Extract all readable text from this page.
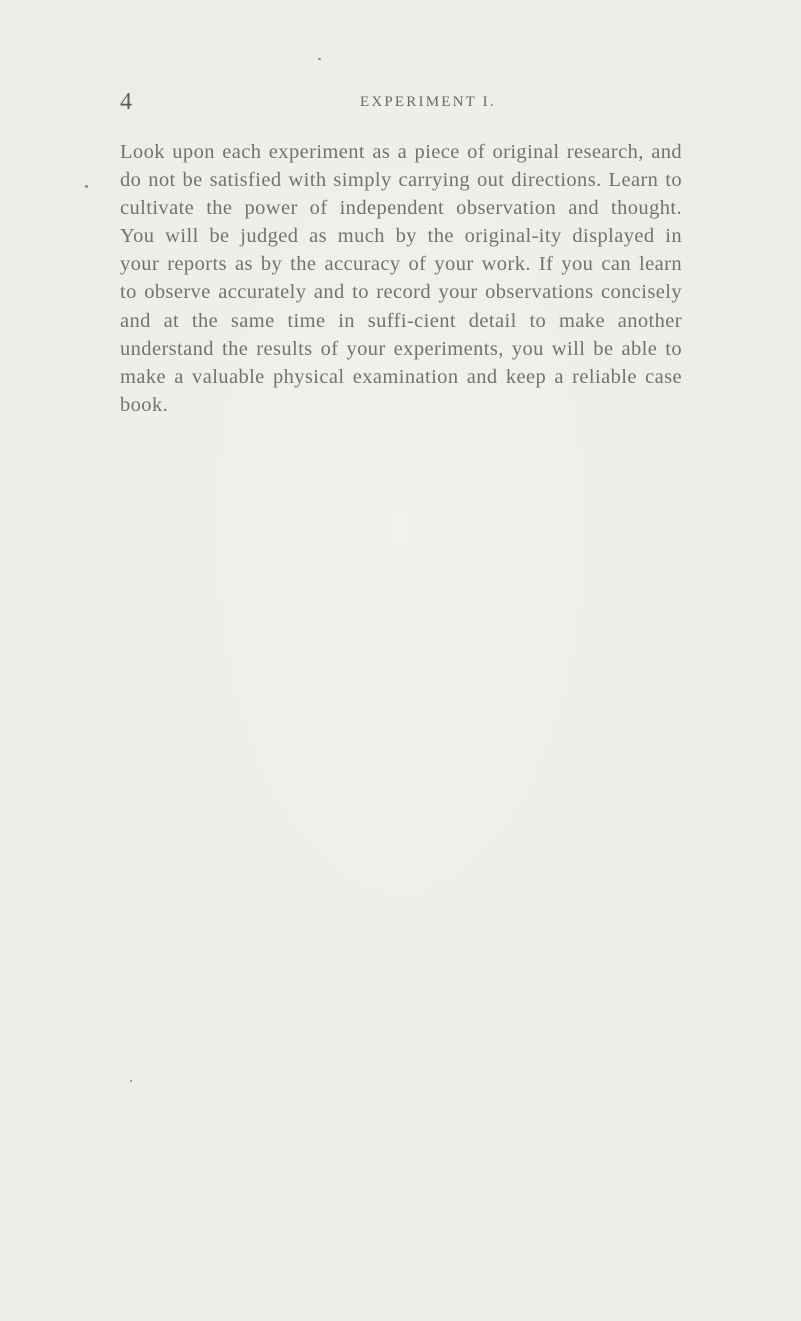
4	EXPERIMENT I.

Look upon each experiment as a piece of original research, and do not be satisfied with simply carrying out directions. Learn to cultivate the power of independent observation and thought. You will be judged as much by the original-ity displayed in your reports as by the accuracy of your work. If you can learn to observe accurately and to record your observations concisely and at the same time in suffi-cient detail to make another understand the results of your experiments, you will be able to make a valuable physical examination and keep a reliable case book.
